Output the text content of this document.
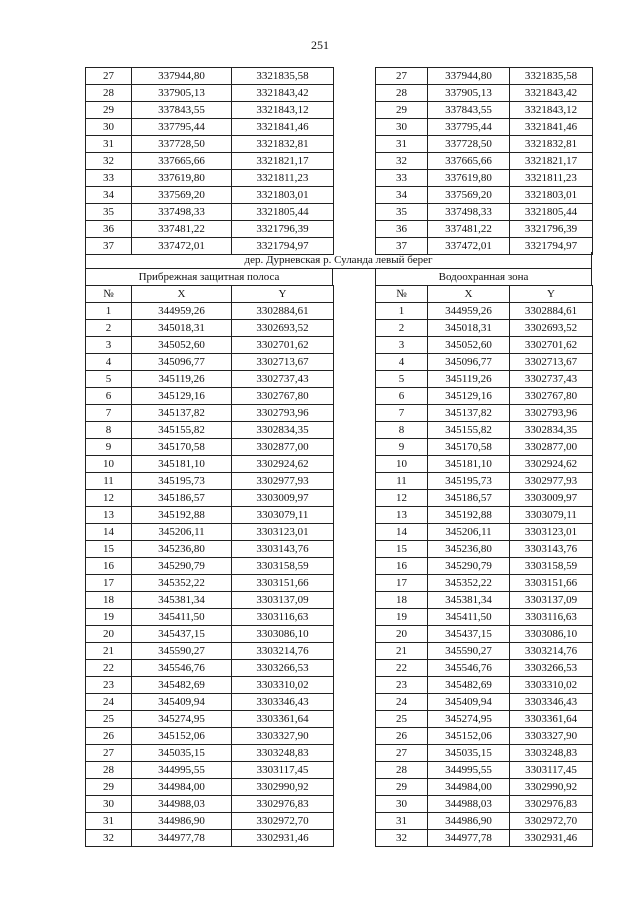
251
27	337944,80	3321835,58
28	337905,13	3321843,42
29	337843,55	3321843,12
30	337795,44	3321841,46
31	337728,50	3321832,81
32	337665,66	3321821,17
33	337619,80	3321811,23
34	337569,20	3321803,01
35	337498,33	3321805,44
36	337481,22	3321796,39
37	337472,01	3321794,97
27	337944,80	3321835,58
28	337905,13	3321843,42
29	337843,55	3321843,12
30	337795,44	3321841,46
31	337728,50	3321832,81
32	337665,66	3321821,17
33	337619,80	3321811,23
34	337569,20	3321803,01
35	337498,33	3321805,44
36	337481,22	3321796,39
37	337472,01	3321794,97
дер. Дурневская р. Суланда левый берег
Прибрежная защитная полоса	Водоохранная зона
№	X	Y
1	344959,26	3302884,61
2	345018,31	3302693,52
3	345052,60	3302701,62
4	345096,77	3302713,67
5	345119,26	3302737,43
6	345129,16	3302767,80
7	345137,82	3302793,96
8	345155,82	3302834,35
9	345170,58	3302877,00
10	345181,10	3302924,62
11	345195,73	3302977,93
12	345186,57	3303009,97
13	345192,88	3303079,11
14	345206,11	3303123,01
15	345236,80	3303143,76
16	345290,79	3303158,59
17	345352,22	3303151,66
18	345381,34	3303137,09
19	345411,50	3303116,63
20	345437,15	3303086,10
21	345590,27	3303214,76
22	345546,76	3303266,53
23	345482,69	3303310,02
24	345409,94	3303346,43
25	345274,95	3303361,64
26	345152,06	3303327,90
27	345035,15	3303248,83
28	344995,55	3303117,45
29	344984,00	3302990,92
30	344988,03	3302976,83
31	344986,90	3302972,70
32	344977,78	3302931,46
№	X	Y
1	344959,26	3302884,61
2	345018,31	3302693,52
3	345052,60	3302701,62
4	345096,77	3302713,67
5	345119,26	3302737,43
6	345129,16	3302767,80
7	345137,82	3302793,96
8	345155,82	3302834,35
9	345170,58	3302877,00
10	345181,10	3302924,62
11	345195,73	3302977,93
12	345186,57	3303009,97
13	345192,88	3303079,11
14	345206,11	3303123,01
15	345236,80	3303143,76
16	345290,79	3303158,59
17	345352,22	3303151,66
18	345381,34	3303137,09
19	345411,50	3303116,63
20	345437,15	3303086,10
21	345590,27	3303214,76
22	345546,76	3303266,53
23	345482,69	3303310,02
24	345409,94	3303346,43
25	345274,95	3303361,64
26	345152,06	3303327,90
27	345035,15	3303248,83
28	344995,55	3303117,45
29	344984,00	3302990,92
30	344988,03	3302976,83
31	344986,90	3302972,70
32	344977,78	3302931,46
